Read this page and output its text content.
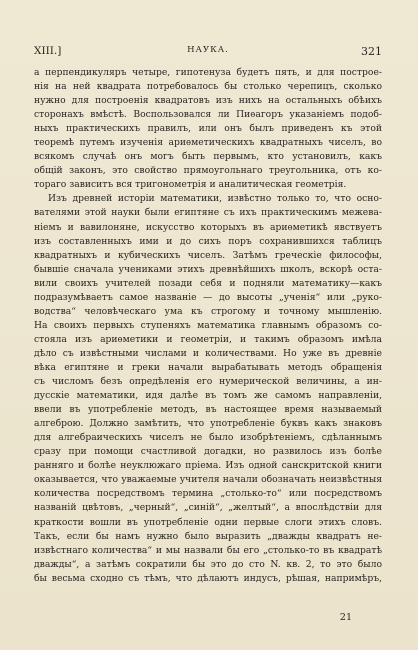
XIII.]	НАУКА.	321
а перпендикуляръ четыре, гипотенуза будетъ пять, и для построе-
нія на ней квадрата потребовалось бы столько черепицъ, сколько
нужно для построенія квадратовъ изъ нихъ на остальныхъ обѣихъ
сторонахъ вмѣстѣ. Воспользовался ли Пиѳагоръ указаніемъ подоб-
ныхъ практическихъ правилъ, или онъ былъ приведенъ къ этой
теоремѣ путемъ изученія ариѳметическихъ квадратныхъ чиселъ, во
всякомъ случаѣ онъ могъ быть первымъ, кто установилъ, какъ
общій законъ, это свойство прямоугольнаго треугольника, отъ ко-
тораго зависитъ вся тригонометрія и аналитическая геометрія.
Изъ древней исторіи математики, извѣстно только то, что осно-
вателями этой науки были египтяне съ ихъ практическимъ межева-
ніемъ и вавилоняне, искусство которыхъ въ ариѳметикѣ явствуетъ
изъ составленныхъ ими и до сихъ поръ сохранившихся таблицъ
квадратныхъ и кубическихъ чиселъ. Затѣмъ греческіе философы,
бывшіе сначала учениками этихъ древнѣйшихъ школъ, вскорѣ оста-
вили своихъ учителей позади себя и подняли математику—какъ
подразумѣваетъ самое названіе — до высоты „ученія“ или „руко-
водства“ человѣческаго ума къ строгому и точному мышленію.
На своихъ первыхъ ступеняхъ математика главнымъ образомъ со-
стояла изъ ариѳметики и геометріи, и такимъ образомъ имѣла
дѣло съ извѣстными числами и количествами. Но уже въ древніе
вѣка египтяне и греки начали вырабатывать методъ обращенія
съ числомъ безъ опредѣленія его нумерической величины, а ин-
дусскіе математики, идя далѣе въ томъ же самомъ направленіи,
ввели въ употребленіе методъ, въ настоящее время называемый
алгеброю. Должно замѣтить, что употребленіе буквъ какъ знаковъ
для алгебраическихъ чиселъ не было изобрѣтеніемъ, сдѣланнымъ
сразу при помощи счастливой догадки, но развилось изъ болѣе
ранняго и болѣе неуклюжаго пріема. Изъ одной санскритской книги
оказывается, что уважаемые учителя начали обозначать неизвѣстныя
количества посредствомъ термина „столько-то“ или посредствомъ
названій цвѣтовъ, „черный“, „синій“, „желтый“, а впослѣдствіи для
краткости вошли въ употребленіе одни первые слоги этихъ словъ.
Такъ, если бы намъ нужно было выразить „дважды квадратъ не-
извѣстнаго количества“ и мы назвали бы его „столько-то въ квадратѣ
дважды“, а затѣмъ сократили бы это до сто N. кв. 2, то это было
бы весьма сходно съ тѣмъ, что дѣлаютъ индусъ, рѣшая, напримѣръ,
21
